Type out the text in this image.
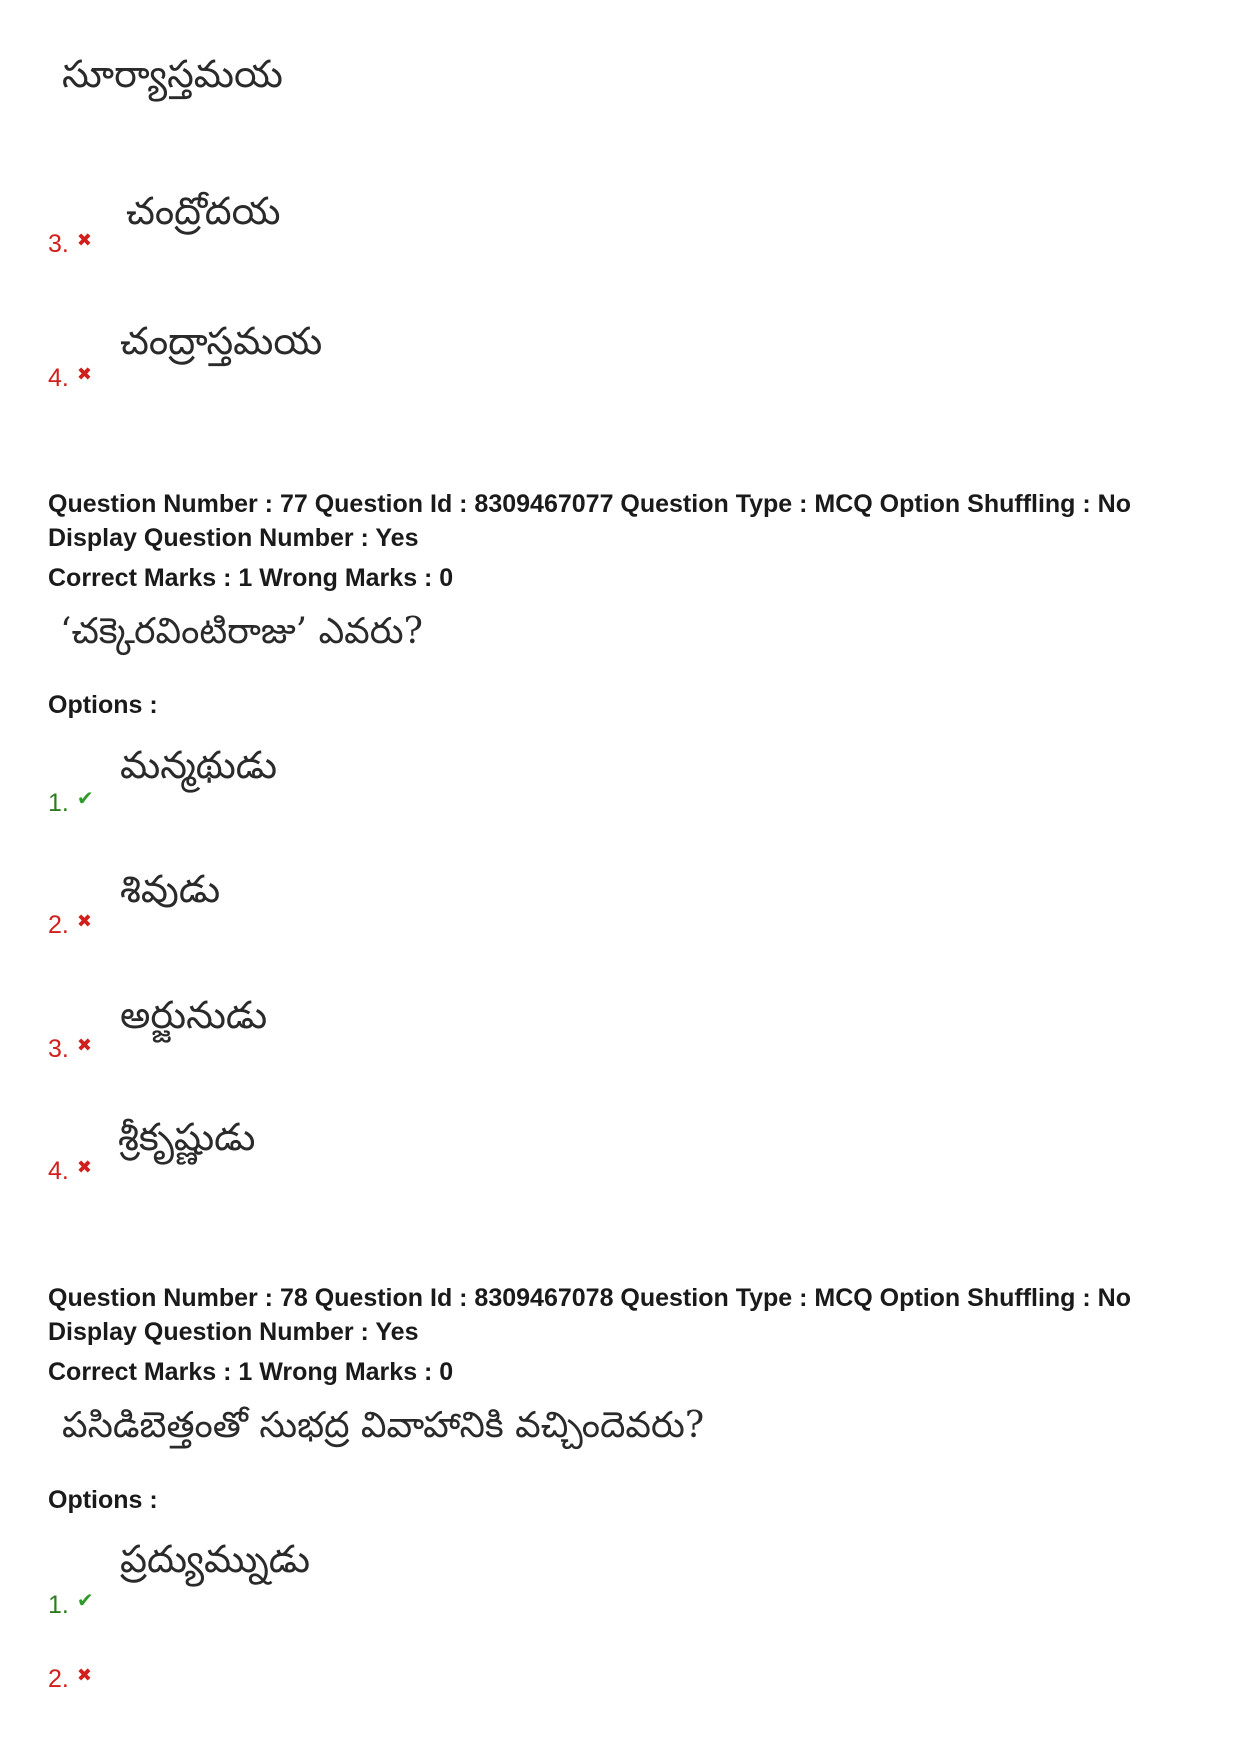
సూర్యాస్తమయ
చంద్రోదయ
3. ✖
చంద్రాస్తమయ
4. ✖
Question Number : 77 Question Id : 8309467077 Question Type : MCQ Option Shuffling : No
Display Question Number : Yes
Correct Marks : 1 Wrong Marks : 0
‘చక్కెరవింటిరాజు’ ఎవరు?
Options :
మన్మథుడు
1. ✔
శివుడు
2. ✖
అర్జునుడు
3. ✖
శ్రీకృష్ణుడు
4. ✖
Question Number : 78 Question Id : 8309467078 Question Type : MCQ Option Shuffling : No
Display Question Number : Yes
Correct Marks : 1 Wrong Marks : 0
పసిడిబెత్తంతో సుభద్ర వివాహానికి వచ్చిందెవరు?
Options :
ప్రద్యుమ్నుడు
1. ✔
2. ✖
